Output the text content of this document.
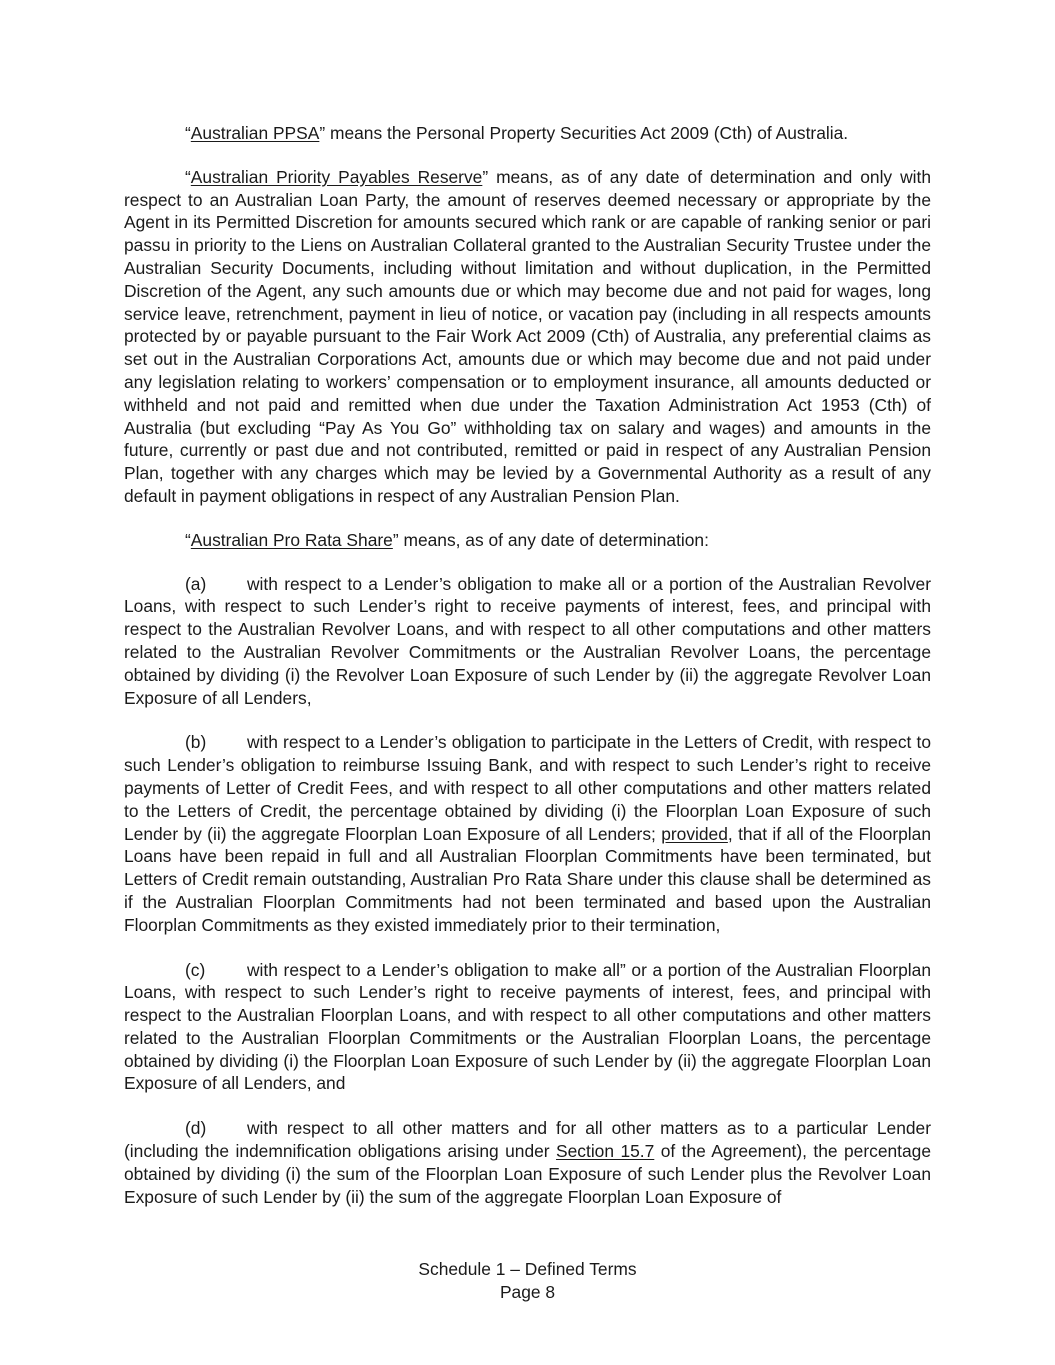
“Australian PPSA” means the Personal Property Securities Act 2009 (Cth) of Australia.

“Australian Priority Payables Reserve” means, as of any date of determination and only with respect to an Australian Loan Party, the amount of reserves deemed necessary or appropriate by the Agent in its Permitted Discretion for amounts secured which rank or are capable of ranking senior or pari passu in priority to the Liens on Australian Collateral granted to the Australian Security Trustee under the Australian Security Documents, including without limitation and without duplication, in the Permitted Discretion of the Agent, any such amounts due or which may become due and not paid for wages, long service leave, retrenchment, payment in lieu of notice, or vacation pay (including in all respects amounts protected by or payable pursuant to the Fair Work Act 2009 (Cth) of Australia, any preferential claims as set out in the Australian Corporations Act, amounts due or which may become due and not paid under any legislation relating to workers’ compensation or to employment insurance, all amounts deducted or withheld and not paid and remitted when due under the Taxation Administration Act 1953 (Cth) of Australia (but excluding “Pay As You Go” withholding tax on salary and wages) and amounts in the future, currently or past due and not contributed, remitted or paid in respect of any Australian Pension Plan, together with any charges which may be levied by a Governmental Authority as a result of any default in payment obligations in respect of any Australian Pension Plan.

“Australian Pro Rata Share” means, as of any date of determination:

(a) with respect to a Lender’s obligation to make all or a portion of the Australian Revolver Loans, with respect to such Lender’s right to receive payments of interest, fees, and principal with respect to the Australian Revolver Loans, and with respect to all other computations and other matters related to the Australian Revolver Commitments or the Australian Revolver Loans, the percentage obtained by dividing (i) the Revolver Loan Exposure of such Lender by (ii) the aggregate Revolver Loan Exposure of all Lenders,

(b) with respect to a Lender’s obligation to participate in the Letters of Credit, with respect to such Lender’s obligation to reimburse Issuing Bank, and with respect to such Lender’s right to receive payments of Letter of Credit Fees, and with respect to all other computations and other matters related to the Letters of Credit, the percentage obtained by dividing (i) the Floorplan Loan Exposure of such Lender by (ii) the aggregate Floorplan Loan Exposure of all Lenders; provided, that if all of the Floorplan Loans have been repaid in full and all Australian Floorplan Commitments have been terminated, but Letters of Credit remain outstanding, Australian Pro Rata Share under this clause shall be determined as if the Australian Floorplan Commitments had not been terminated and based upon the Australian Floorplan Commitments as they existed immediately prior to their termination,

(c) with respect to a Lender’s obligation to make all” or a portion of the Australian Floorplan Loans, with respect to such Lender’s right to receive payments of interest, fees, and principal with respect to the Australian Floorplan Loans, and with respect to all other computations and other matters related to the Australian Floorplan Commitments or the Australian Floorplan Loans, the percentage obtained by dividing (i) the Floorplan Loan Exposure of such Lender by (ii) the aggregate Floorplan Loan Exposure of all Lenders, and

(d) with respect to all other matters and for all other matters as to a particular Lender (including the indemnification obligations arising under Section 15.7 of the Agreement), the percentage obtained by dividing (i) the sum of the Floorplan Loan Exposure of such Lender plus the Revolver Loan Exposure of such Lender by (ii) the sum of the aggregate Floorplan Loan Exposure of

Schedule 1 – Defined Terms
Page 8
